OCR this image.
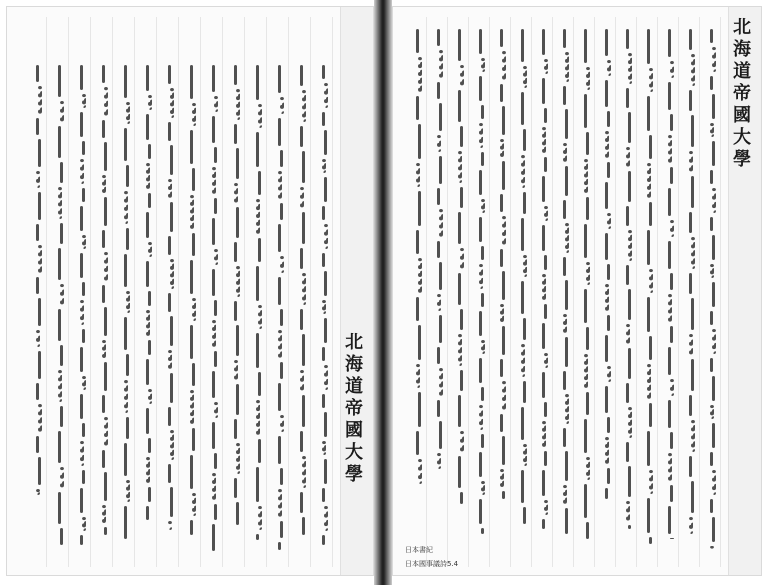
北
海
道
帝
國
大
學
北
海
道
帝
國
大
學
日本國事議詩5.4
日本書紀
